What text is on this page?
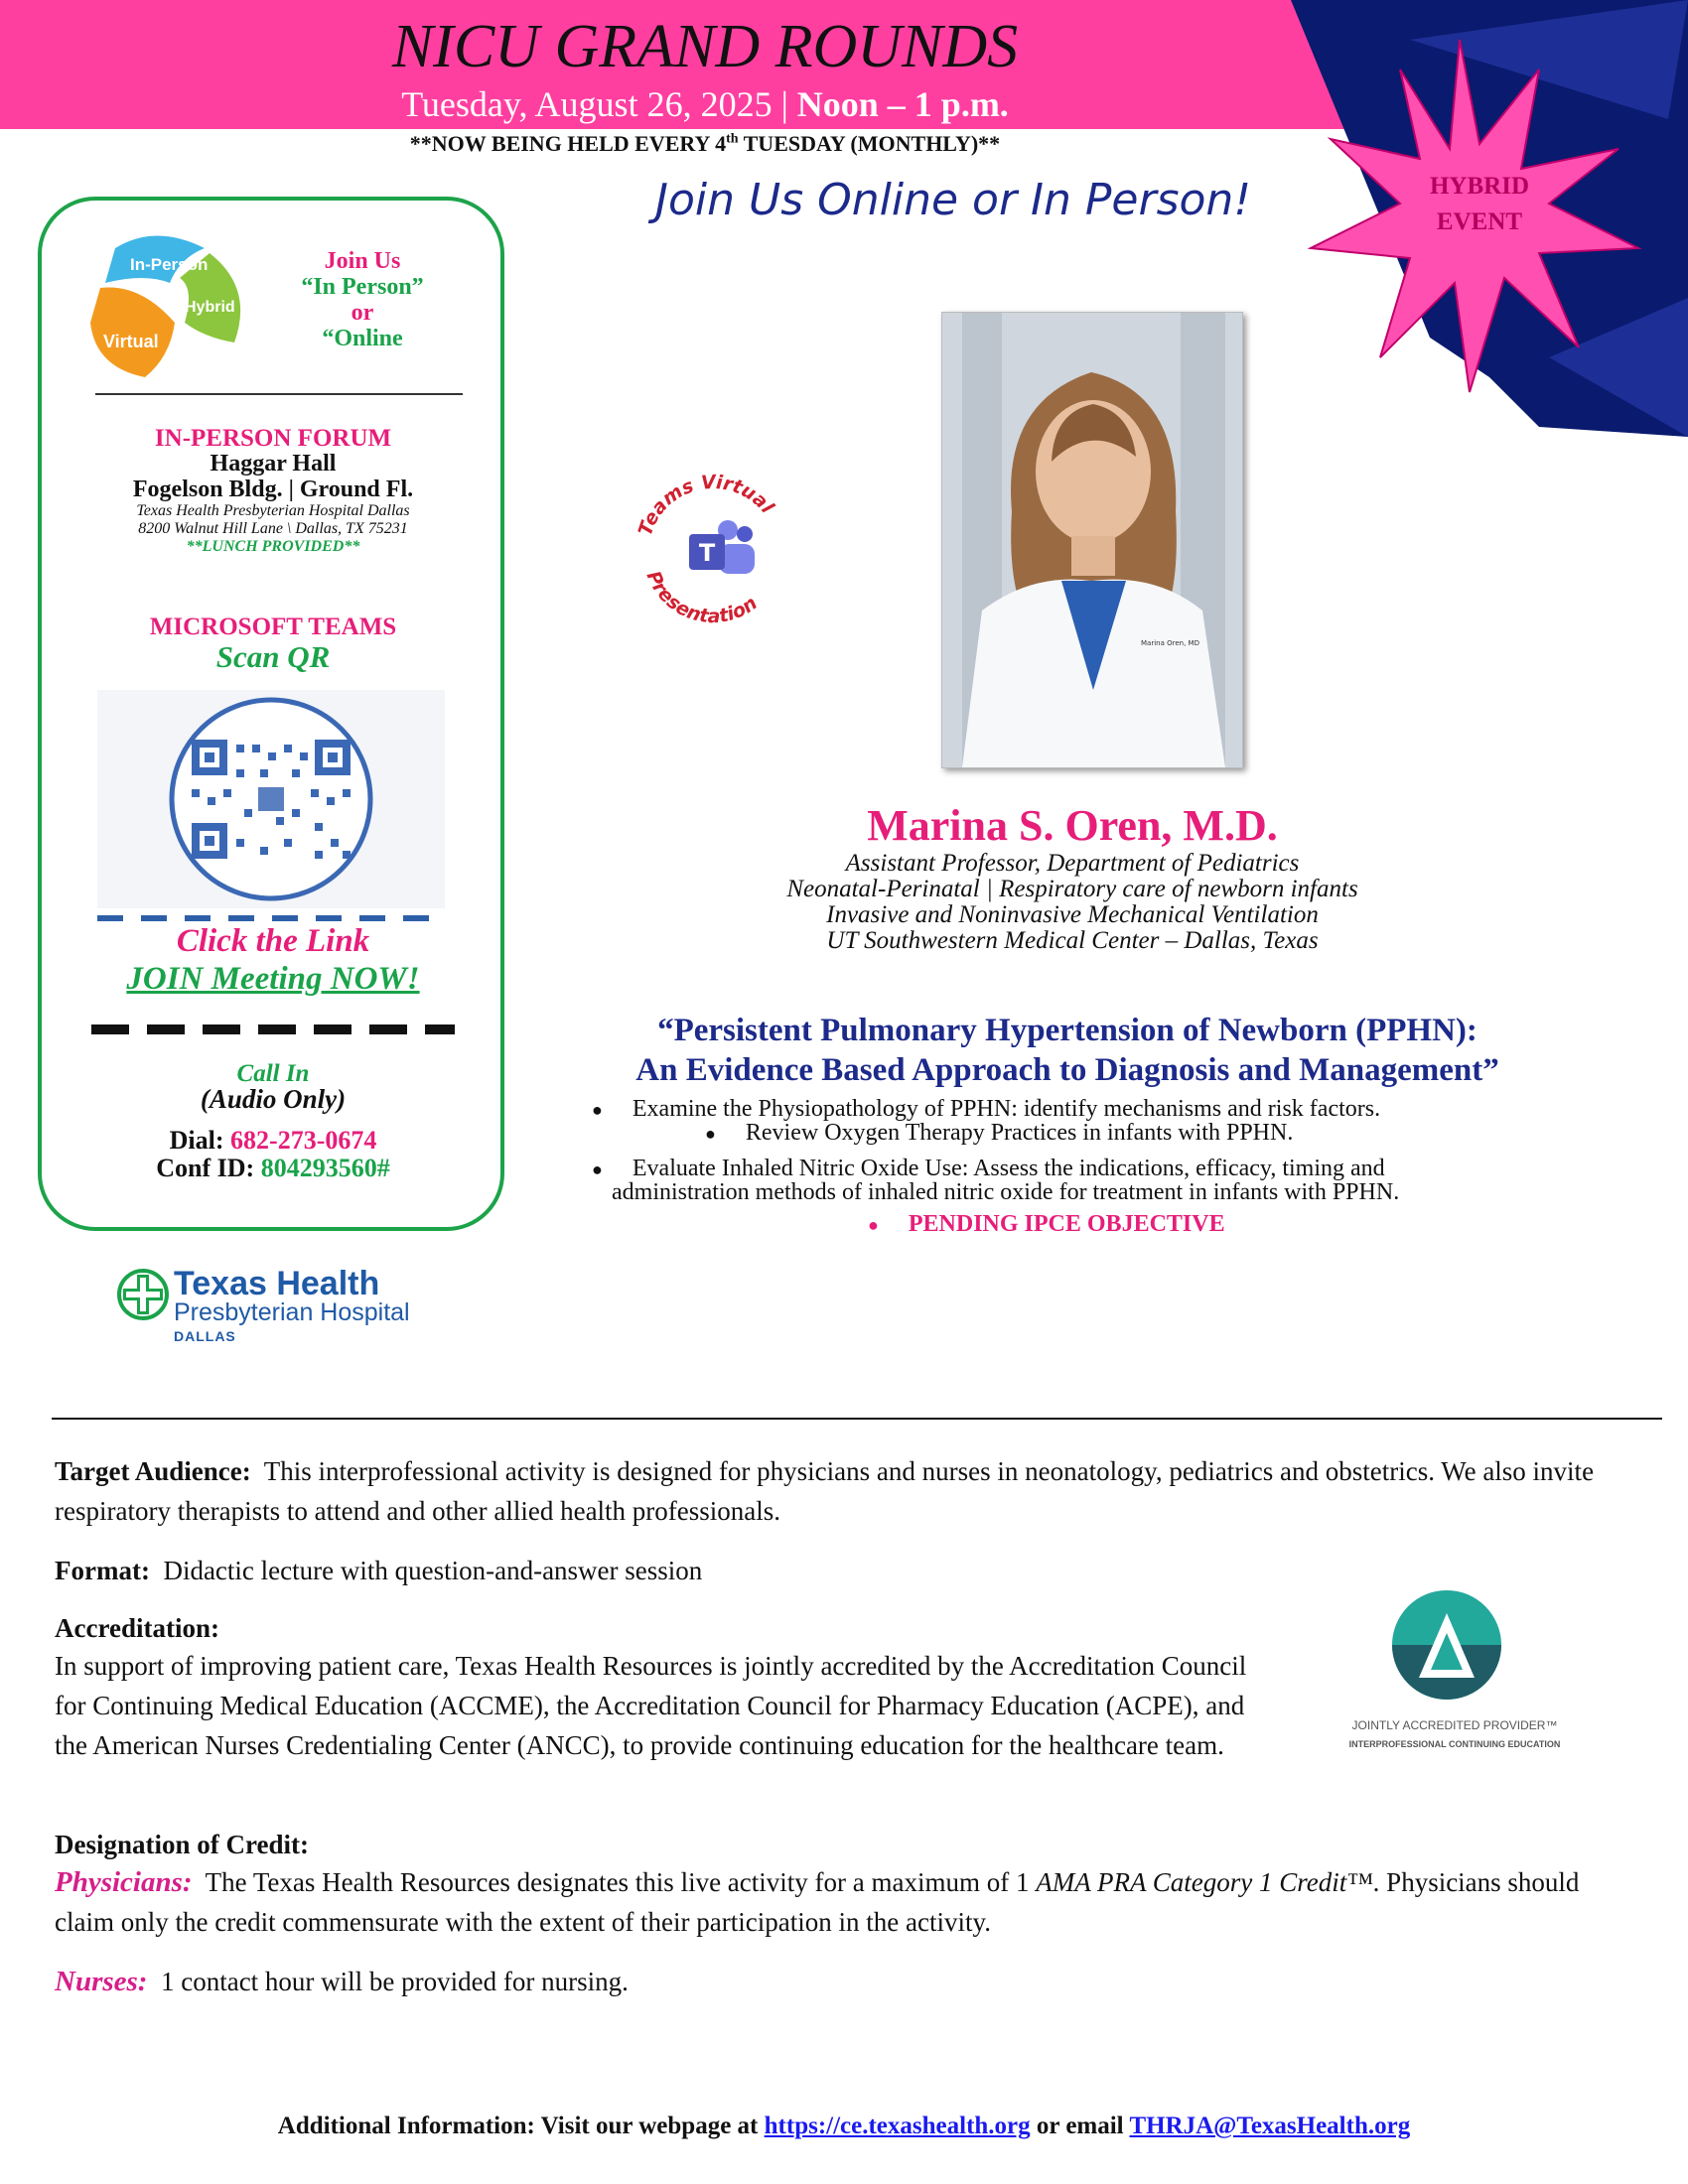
NICU GRAND ROUNDS
Tuesday, August 26, 2025 | Noon – 1 p.m.
**NOW BEING HELD EVERY 4th TUESDAY (MONTHLY)**
Join Us Online or In Person!	HYBRID
EVENT
In-Person
Hybrid
Virtual
Join Us
“In Person”
or
“Online
IN-PERSON FORUM
Haggar Hall
Fogelson Bldg. | Ground Fl.
Texas Health Presbyterian Hospital Dallas
8200 Walnut Hill Lane \ Dallas, TX 75231
**LUNCH PROVIDED**
MICROSOFT TEAMS
Scan QR
Click the Link
JOIN Meeting NOW!
Call In
(Audio Only)
Dial: 682-273-0674
Conf ID: 804293560#
Texas Health
Presbyterian Hospital
DALLAS
Teams Virtual
Presentation
T
Marina Oren, MD
Marina S. Oren, M.D.
Assistant Professor, Department of Pediatrics
Neonatal-Perinatal | Respiratory care of newborn infants
Invasive and Noninvasive Mechanical Ventilation
UT Southwestern Medical Center – Dallas, Texas
“Persistent Pulmonary Hypertension of Newborn (PPHN):
An Evidence Based Approach to Diagnosis and Management”
● Examine the Physiopathology of PPHN: identify mechanisms and risk factors.
● Review Oxygen Therapy Practices in infants with PPHN.
● Evaluate Inhaled Nitric Oxide Use: Assess the indications, efficacy, timing and
administration methods of inhaled nitric oxide for treatment in infants with PPHN.
● PENDING IPCE OBJECTIVE
Target Audience: This interprofessional activity is designed for physicians and nurses in neonatology, pediatrics and obstetrics. We also invite respiratory therapists to attend and other allied health professionals.
Format: Didactic lecture with question-and-answer session
Accreditation:
In support of improving patient care, Texas Health Resources is jointly accredited by the Accreditation Council for Continuing Medical Education (ACCME), the Accreditation Council for Pharmacy Education (ACPE), and the American Nurses Credentialing Center (ANCC), to provide continuing education for the healthcare team.
JOINTLY ACCREDITED PROVIDER™
INTERPROFESSIONAL CONTINUING EDUCATION
Designation of Credit:
Physicians: The Texas Health Resources designates this live activity for a maximum of 1 AMA PRA Category 1 Credit™. Physicians should claim only the credit commensurate with the extent of their participation in the activity.
Nurses: 1 contact hour will be provided for nursing.
Additional Information: Visit our webpage at https://ce.texashealth.org or email THRJA@TexasHealth.org
